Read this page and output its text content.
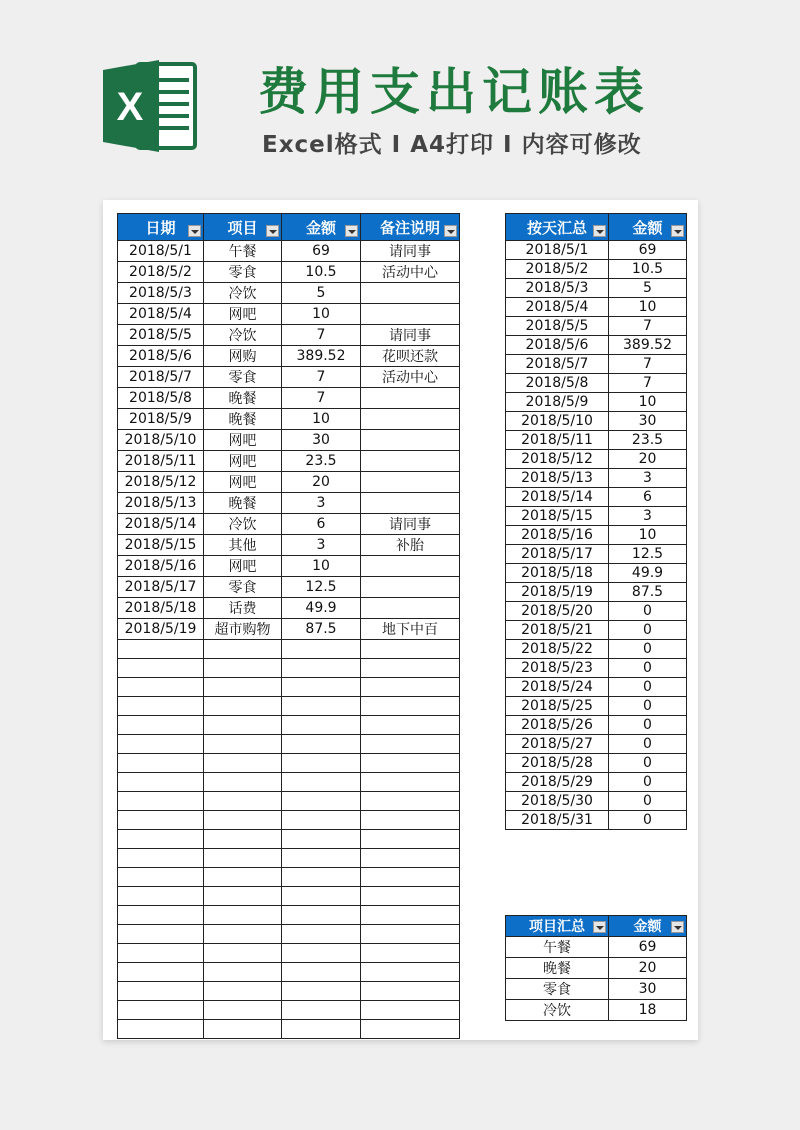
X 费用支出记账表
Excel格式 I A4打印 I 内容可修改
日期	项目	金额	备注说明

2018/5/1	午餐	69	请同事
2018/5/2	零食	10.5	活动中心
2018/5/3	冷饮	5	
2018/5/4	网吧	10	
2018/5/5	冷饮	7	请同事
2018/5/6	网购	389.52	花呗还款
2018/5/7	零食	7	活动中心
2018/5/8	晚餐	7	
2018/5/9	晚餐	10	
2018/5/10	网吧	30	
2018/5/11	网吧	23.5	
2018/5/12	网吧	20	
2018/5/13	晚餐	3	
2018/5/14	冷饮	6	请同事
2018/5/15	其他	3	补胎
2018/5/16	网吧	10	
2018/5/17	零食	12.5	
2018/5/18	话费	49.9	
2018/5/19	超市购物	87.5	地下中百

按天汇总	金额

2018/5/1	69
2018/5/2	10.5
2018/5/3	5
2018/5/4	10
2018/5/5	7
2018/5/6	389.52
2018/5/7	7
2018/5/8	7
2018/5/9	10
2018/5/10	30
2018/5/11	23.5
2018/5/12	20
2018/5/13	3
2018/5/14	6
2018/5/15	3
2018/5/16	10
2018/5/17	12.5
2018/5/18	49.9
2018/5/19	87.5
2018/5/20	0
2018/5/21	0
2018/5/22	0
2018/5/23	0
2018/5/24	0
2018/5/25	0
2018/5/26	0
2018/5/27	0
2018/5/28	0
2018/5/29	0
2018/5/30	0
2018/5/31	0
项目汇总	金额

午餐	69
晚餐	20
零食	30
冷饮	18
